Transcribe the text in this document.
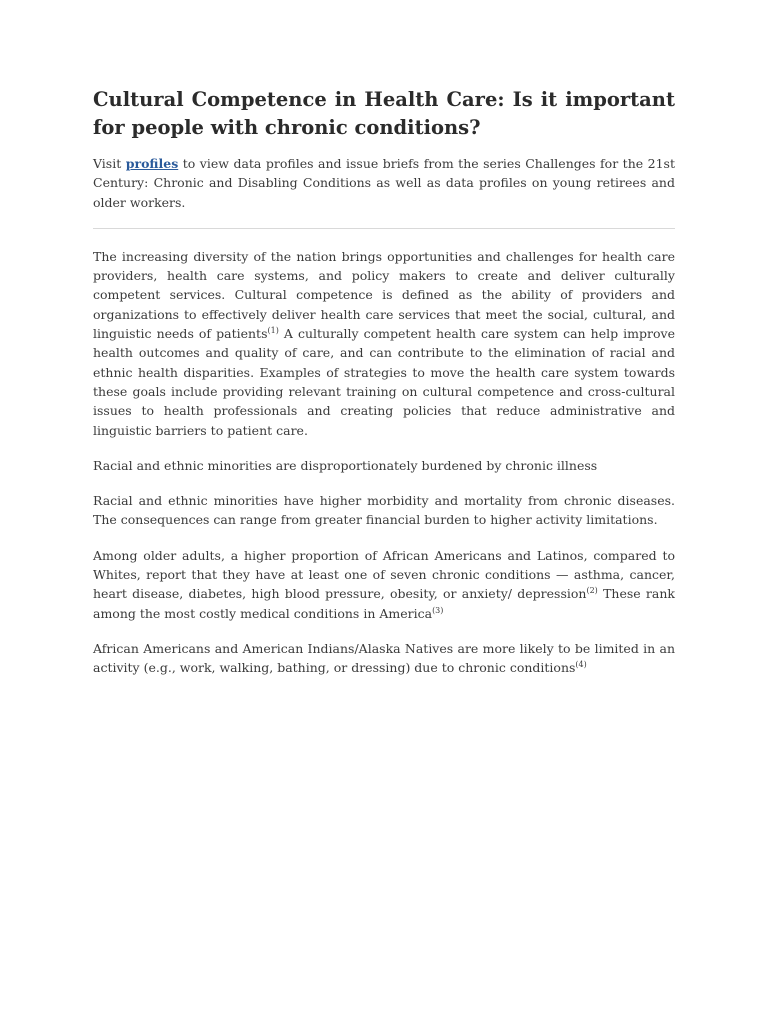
Cultural Competence in Health Care: Is it important for people with chronic conditions?

Visit profiles to view data profiles and issue briefs from the series Challenges for the 21st Century: Chronic and Disabling Conditions as well as data profiles on young retirees and older workers.

The increasing diversity of the nation brings opportunities and challenges for health care providers, health care systems, and policy makers to create and deliver culturally competent services. Cultural competence is defined as the ability of providers and organizations to effectively deliver health care services that meet the social, cultural, and linguistic needs of patients$^{(1)}$ A culturally competent health care system can help improve health outcomes and quality of care, and can contribute to the elimination of racial and ethnic health disparities. Examples of strategies to move the health care system towards these goals include providing relevant training on cultural competence and cross-cultural issues to health professionals and creating policies that reduce administrative and linguistic barriers to patient care.

Racial and ethnic minorities are disproportionately burdened by chronic illness

Racial and ethnic minorities have higher morbidity and mortality from chronic diseases. The consequences can range from greater financial burden to higher activity limitations.

Among older adults, a higher proportion of African Americans and Latinos, compared to Whites, report that they have at least one of seven chronic conditions — asthma, cancer, heart disease, diabetes, high blood pressure, obesity, or anxiety/ depression$^{(2)}$ These rank among the most costly medical conditions in America$^{(3)}$

African Americans and American Indians/Alaska Natives are more likely to be limited in an activity (e.g., work, walking, bathing, or dressing) due to chronic conditions$^{(4)}$
